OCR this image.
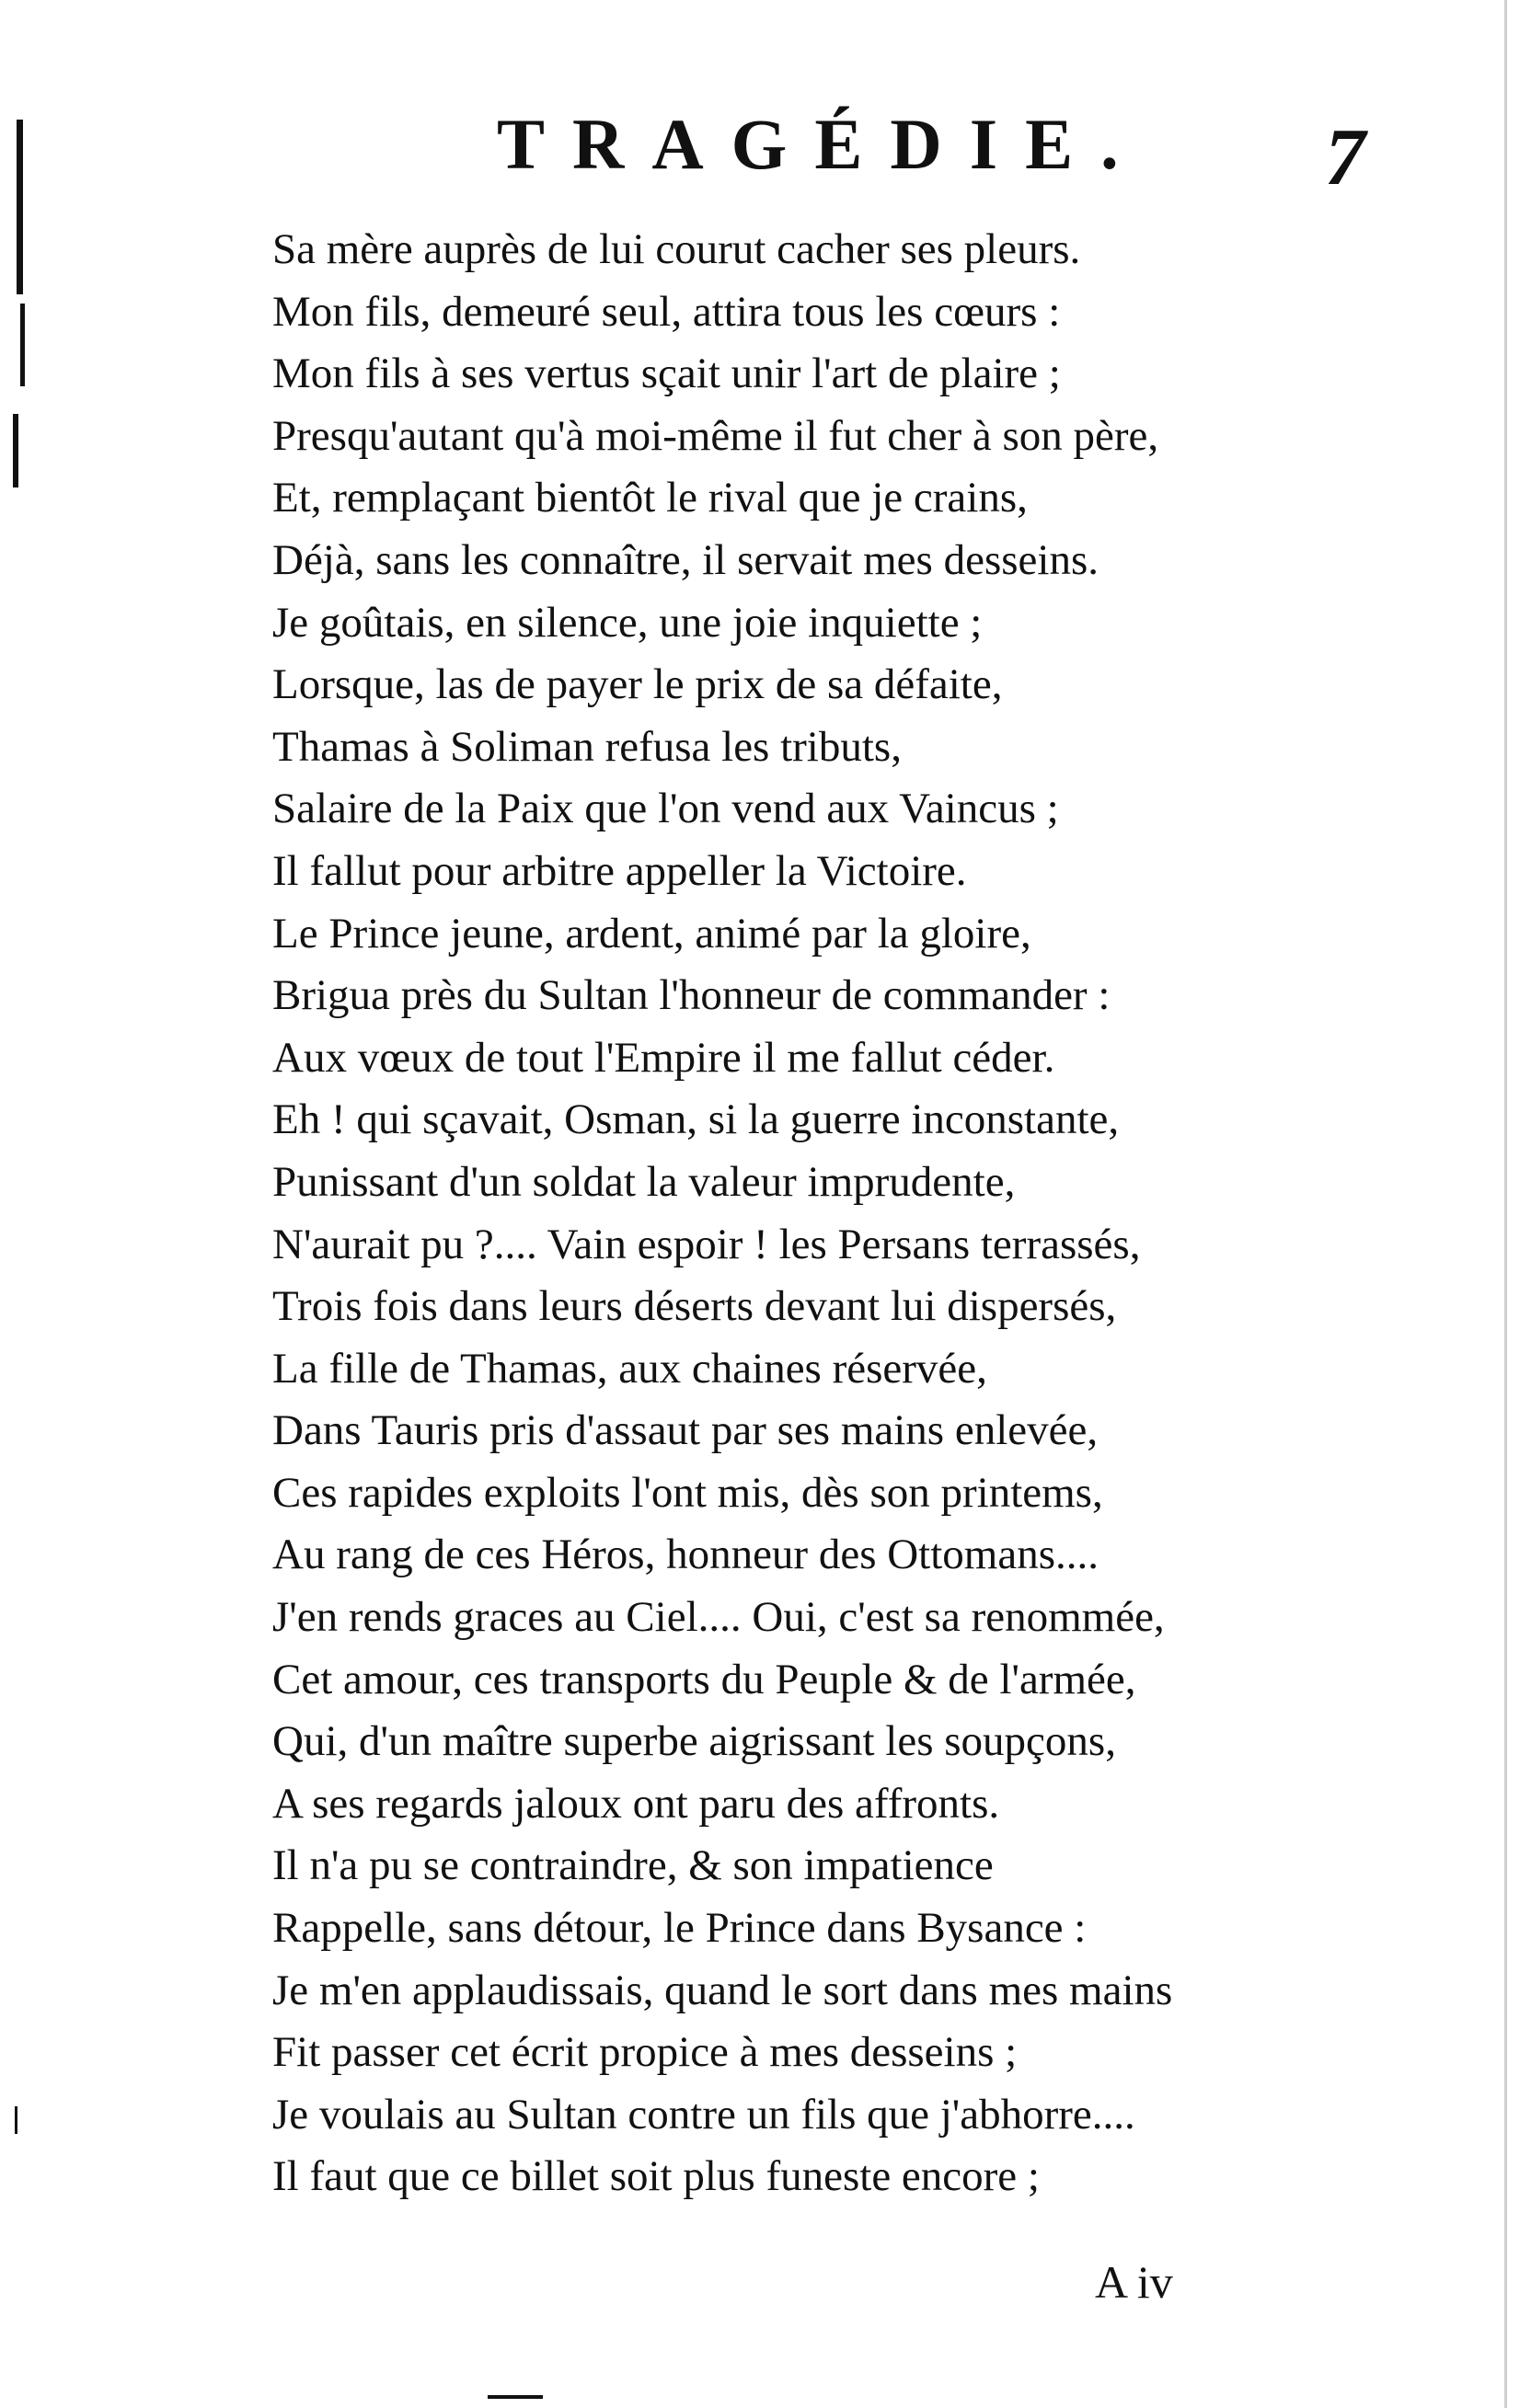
TRAGÉDIE. 7
Sa mère auprès de lui courut cacher ses pleurs.
Mon fils, demeuré seul, attira tous les cœurs :
Mon fils à ses vertus sçait unir l'art de plaire ;
Presqu'autant qu'à moi-même il fut cher à son père,
Et, remplaçant bientôt le rival que je crains,
Déjà, sans les connaître, il servait mes desseins.
Je goûtais, en silence, une joie inquiette ;
Lorsque, las de payer le prix de sa défaite,
Thamas à Soliman refusa les tributs,
Salaire de la Paix que l'on vend aux Vaincus ;
Il fallut pour arbitre appeller la Victoire.
Le Prince jeune, ardent, animé par la gloire,
Brigua près du Sultan l'honneur de commander :
Aux vœux de tout l'Empire il me fallut céder.
Eh ! qui sçavait, Osman, si la guerre inconstante,
Punissant d'un soldat la valeur imprudente,
N'aurait pu ?.... Vain espoir ! les Persans terrassés,
Trois fois dans leurs déserts devant lui dispersés,
La fille de Thamas, aux chaines réservée,
Dans Tauris pris d'assaut par ses mains enlevée,
Ces rapides exploits l'ont mis, dès son printems,
Au rang de ces Héros, honneur des Ottomans....
J'en rends graces au Ciel.... Oui, c'est sa renommée,
Cet amour, ces transports du Peuple & de l'armée,
Qui, d'un maître superbe aigrissant les soupçons,
A ses regards jaloux ont paru des affronts.
Il n'a pu se contraindre, & son impatience
Rappelle, sans détour, le Prince dans Bysance :
Je m'en applaudissais, quand le sort dans mes mains
Fit passer cet écrit propice à mes desseins ;
Je voulais au Sultan contre un fils que j'abhorre....
Il faut que ce billet soit plus funeste encore ;
A iv
